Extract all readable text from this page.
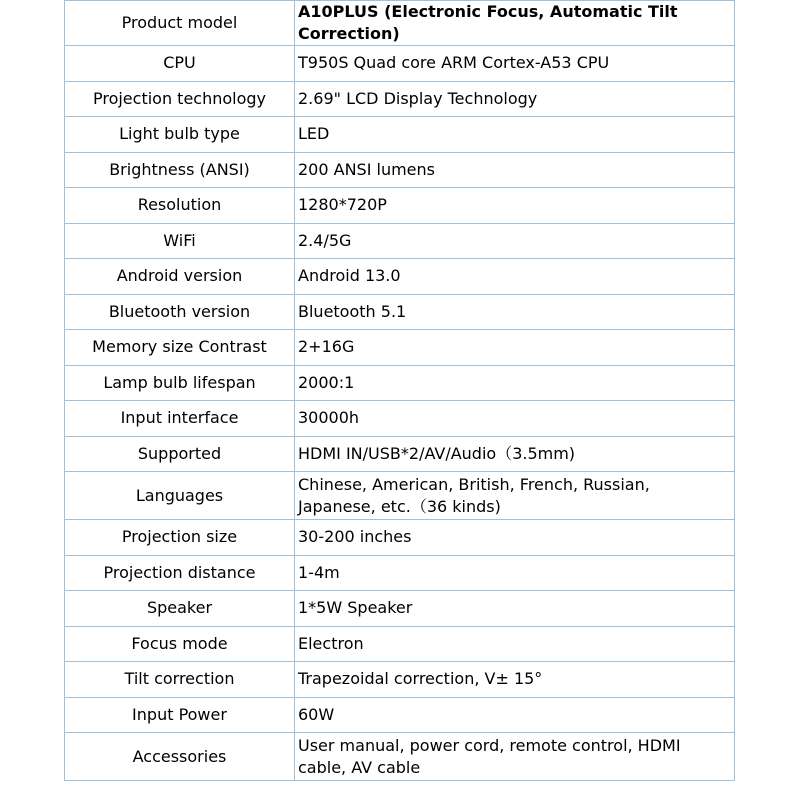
Product model	A10PLUS (Electronic Focus, Automatic Tilt Correction)
CPU	T950S Quad core ARM Cortex-A53 CPU
Projection technology	2.69" LCD Display Technology
Light bulb type	LED
Brightness (ANSI)	200 ANSI lumens
Resolution	1280*720P
WiFi	2.4/5G
Android version	Android 13.0
Bluetooth version	Bluetooth 5.1
Memory size Contrast	2+16G
Lamp bulb lifespan	2000:1
Input interface	30000h
Supported	HDMI IN/USB*2/AV/Audio（3.5mm)
Languages	Chinese, American, British, French, Russian, Japanese, etc.（36 kinds)
Projection size	30-200 inches
Projection distance	1-4m
Speaker	1*5W Speaker
Focus mode	Electron
Tilt correction	Trapezoidal correction, V± 15°
Input Power	60W
Accessories	User manual, power cord, remote control, HDMI cable, AV cable
